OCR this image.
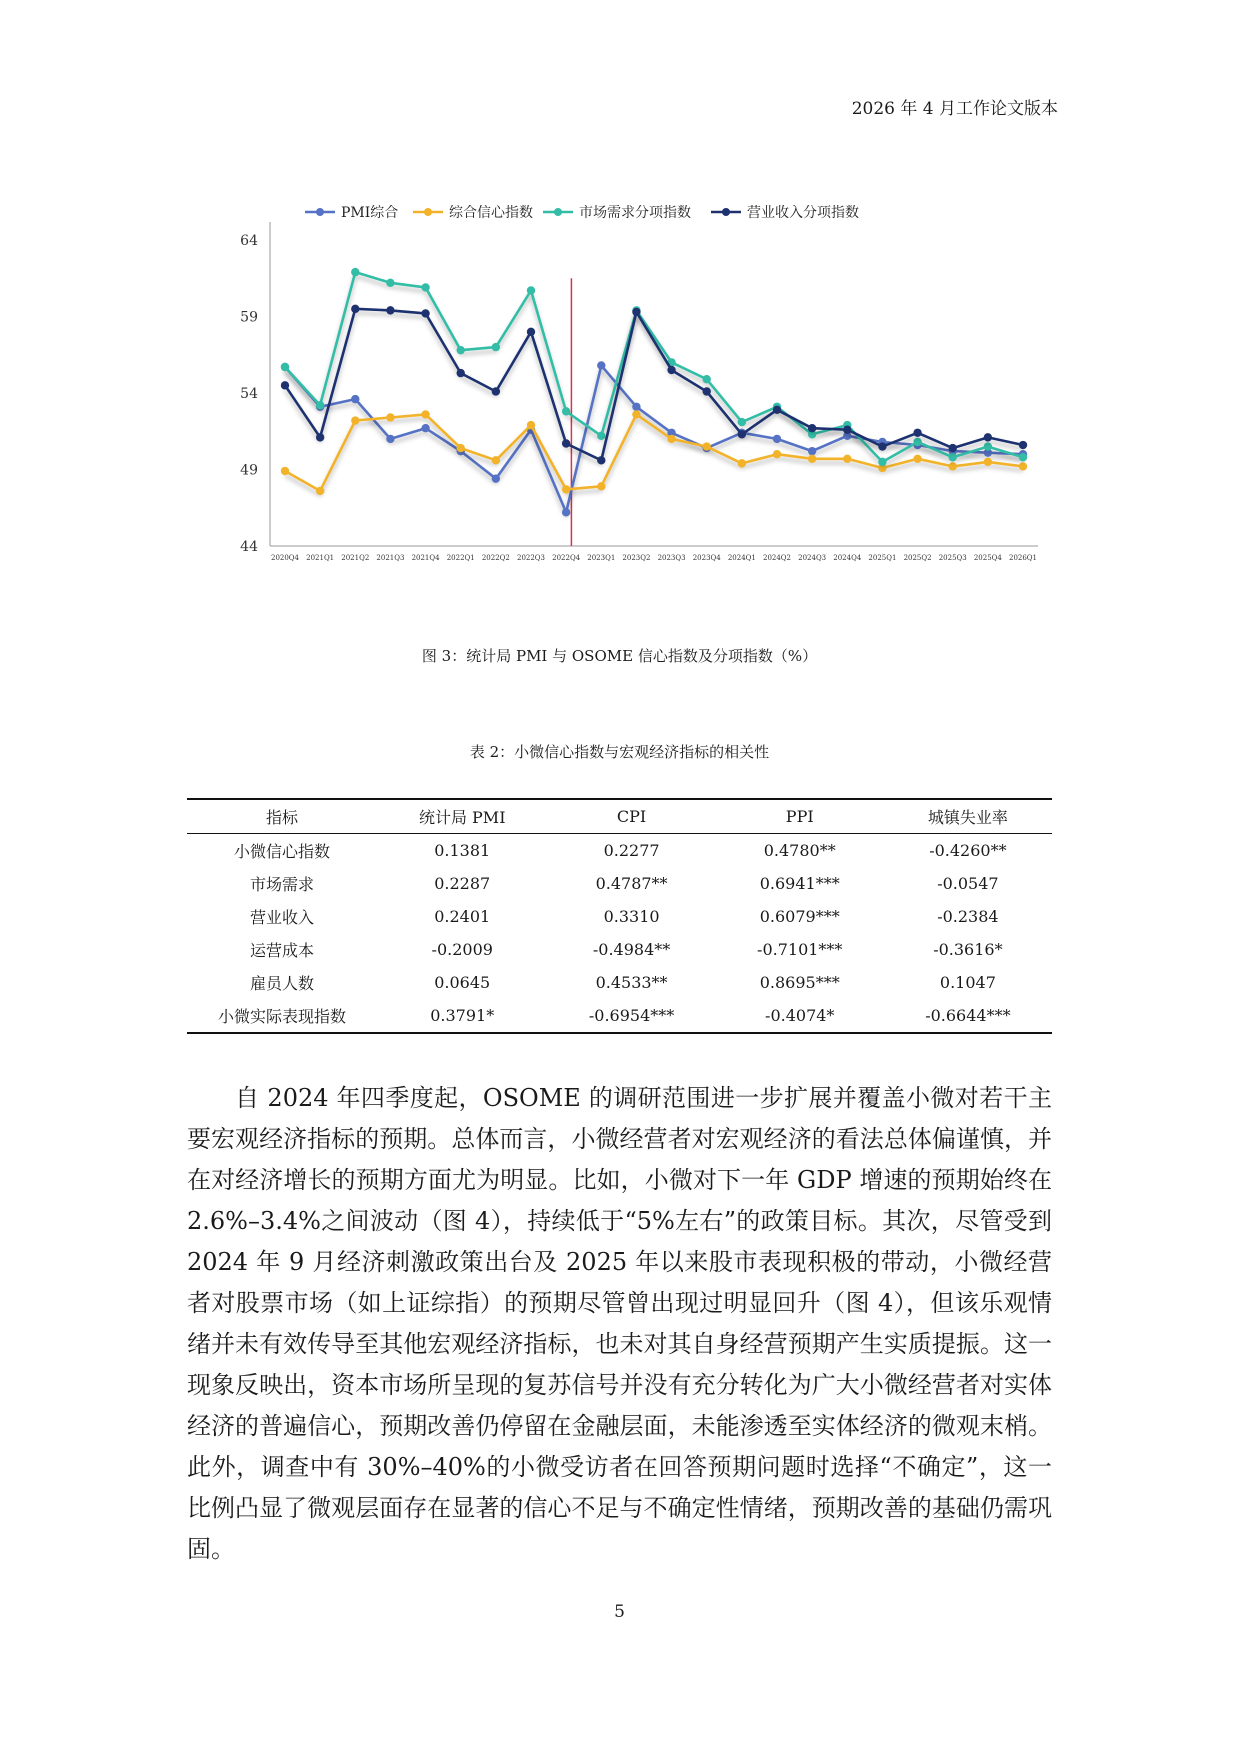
2026 年 4 月工作论文版本
44
49
54
59
64
2020Q4 2021Q1 2021Q2 2021Q3 2021Q4 2022Q1 2022Q2 2022Q3 2022Q4 2023Q1 2023Q2 2023Q3 2023Q4 2024Q1 2024Q2 2024Q3 2024Q4 2025Q1 2025Q2 2025Q3 2025Q4 2026Q1
PMI综合	综合信心指数	市场需求分项指数	营业收入分项指数
图 3：统计局 PMI 与 OSOME 信心指数及分项指数（%）
表 2：小微信心指数与宏观经济指标的相关性
指标	统计局 PMI	CPI	PPI	城镇失业率
小微信心指数	0.1381	0.2277	0.4780**	-0.4260**
市场需求	0.2287	0.4787**	0.6941***	-0.0547
营业收入	0.2401	0.3310	0.6079***	-0.2384
运营成本	-0.2009	-0.4984**	-0.7101***	-0.3616*
雇员人数	0.0645	0.4533**	0.8695***	0.1047
小微实际表现指数	0.3791*	-0.6954***	-0.4074*	-0.6644***

自 2024 年四季度起，OSOME 的调研范围进一步扩展并覆盖小微对若干主要宏观经济指标的预期。总体而言，小微经营者对宏观经济的看法总体偏谨慎，并在对经济增长的预期方面尤为明显。比如，小微对下一年 GDP 增速的预期始终在 2.6%–3.4%之间波动（图 4），持续低于“5%左右”的政策目标。其次，尽管受到 2024 年 9 月经济刺激政策出台及 2025 年以来股市表现积极的带动，小微经营者对股票市场（如上证综指）的预期尽管曾出现过明显回升（图 4），但该乐观情绪并未有效传导至其他宏观经济指标，也未对其自身经营预期产生实质提振。这一现象反映出，资本市场所呈现的复苏信号并没有充分转化为广大小微经营者对实体经济的普遍信心，预期改善仍停留在金融层面，未能渗透至实体经济的微观末梢。此外，调查中有 30%–40%的小微受访者在回答预期问题时选择“不确定”，这一比例凸显了微观层面存在显著的信心不足与不确定性情绪，预期改善的基础仍需巩固。

5
